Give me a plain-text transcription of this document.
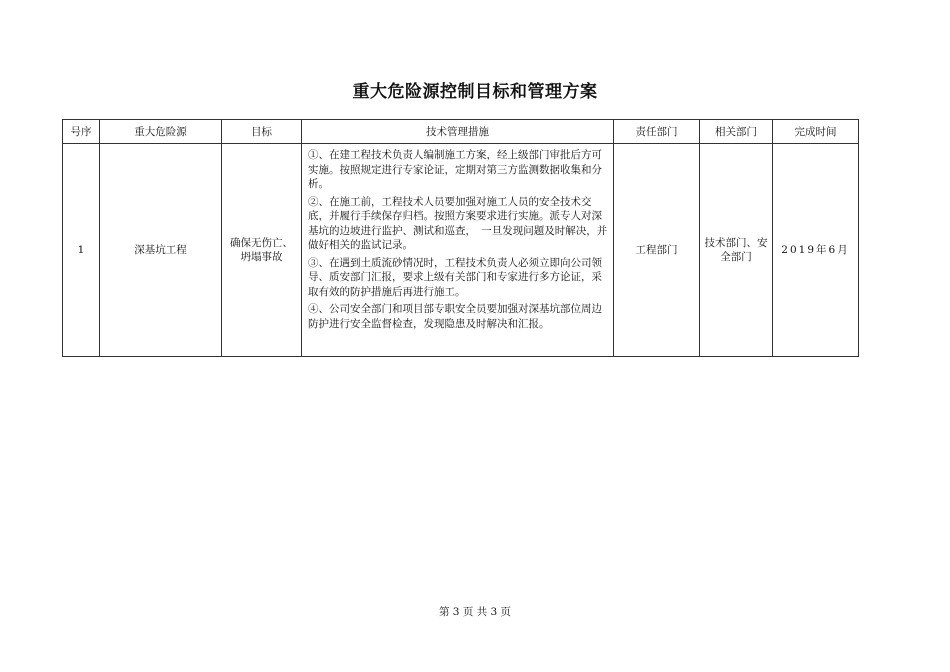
重大危险源控制目标和管理方案
号序	重大危险源	目标	技术管理措施	责任部门	相关部门	完成时间

1	深基坑工程	确保无伤亡、坍塌事故	①、在建工程技术负责人编制施工方案，经上级部门审批后方可实施。按照规定进行专家论证，定期对第三方监测数据收集和分析。

②、在施工前，工程技术人员要加强对施工人员的安全技术交底，并履行手续保存归档。按照方案要求进行实施。派专人对深基坑的边坡进行监护、测试和巡查，　一旦发现问题及时解决，并做好相关的监试记录。

③、在遇到土质流砂情况时，工程技术负责人必须立即向公司领导、质安部门汇报，要求上级有关部门和专家进行多方论证，采取有效的防护措施后再进行施工。

④、公司安全部门和项目部专职安全员要加强对深基坑部位周边防护进行安全监督检查，发现隐患及时解决和汇报。	工程部门	技术部门、安全部门	2019年6月
第 3 页 共 3 页
